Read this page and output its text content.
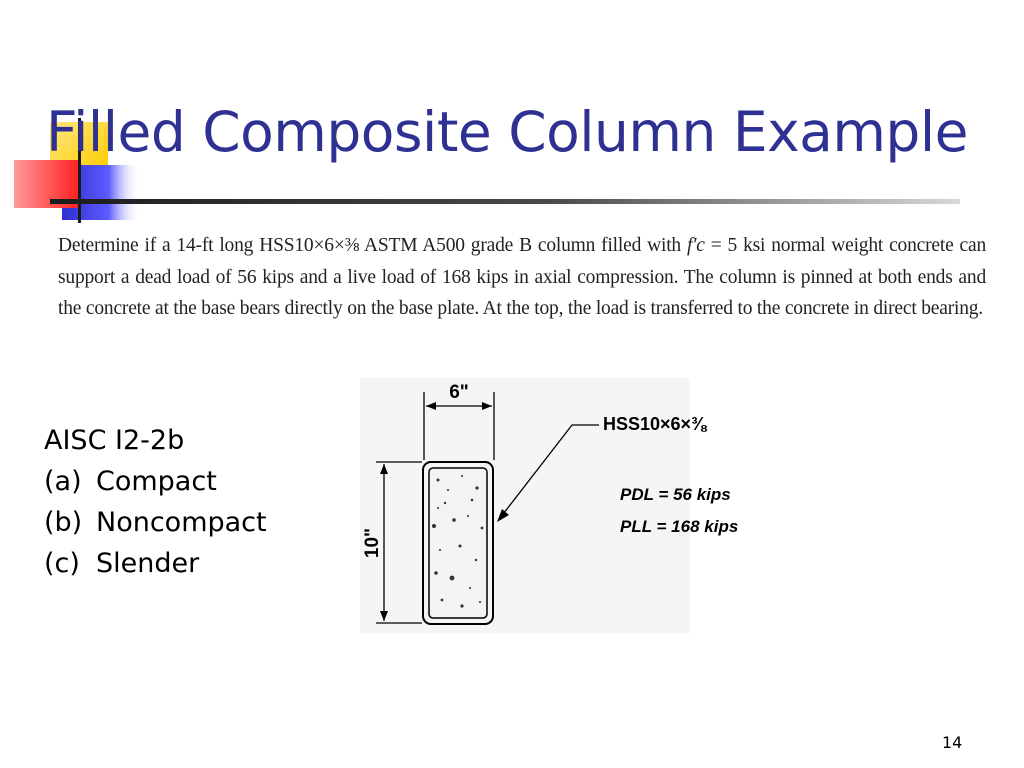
Filled Composite Column Example

Determine if a 14-ft long HSS10×6×⅜ ASTM A500 grade B column filled with f′c = 5 ksi normal weight concrete can support a dead load of 56 kips and a live load of 168 kips in axial compression. The column is pinned at both ends and the concrete at the base bears directly on the base plate. At the top, the load is transferred to the concrete in direct bearing.

AISC I2-2b
(a) Compact
(b) Noncompact
(c) Slender
6"
10"
HSS10×6×⅜
PDL = 56 kips
PLL = 168 kips
14
